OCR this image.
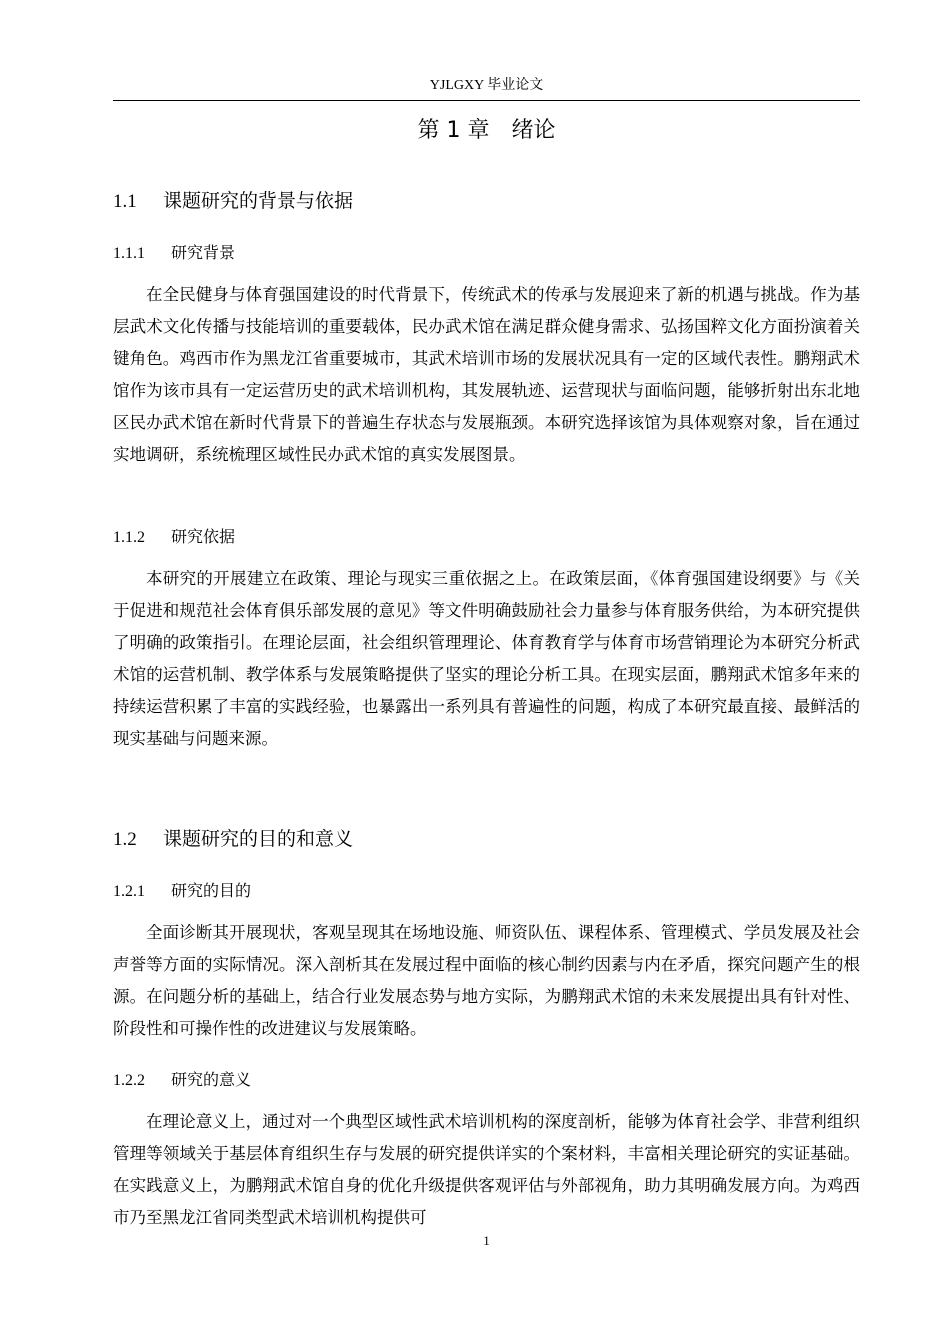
YJLGXY 毕业论文
第 1 章 绪论
1.1 课题研究的背景与依据
1.1.1 研究背景

在全民健身与体育强国建设的时代背景下，传统武术的传承与发展迎来了新的机遇与挑战。作为基层武术文化传播与技能培训的重要载体，民办武术馆在满足群众健身需求、弘扬国粹文化方面扮演着关键角色。鸡西市作为黑龙江省重要城市，其武术培训市场的发展状况具有一定的区域代表性。鹏翔武术馆作为该市具有一定运营历史的武术培训机构，其发展轨迹、运营现状与面临问题，能够折射出东北地区民办武术馆在新时代背景下的普遍生存状态与发展瓶颈。本研究选择该馆为具体观察对象，旨在通过实地调研，系统梳理区域性民办武术馆的真实发展图景。

1.1.2 研究依据

本研究的开展建立在政策、理论与现实三重依据之上。在政策层面，《体育强国建设纲要》与《关于促进和规范社会体育俱乐部发展的意见》等文件明确鼓励社会力量参与体育服务供给，为本研究提供了明确的政策指引。在理论层面，社会组织管理理论、体育教育学与体育市场营销理论为本研究分析武术馆的运营机制、教学体系与发展策略提供了坚实的理论分析工具。在现实层面，鹏翔武术馆多年来的持续运营积累了丰富的实践经验，也暴露出一系列具有普遍性的问题，构成了本研究最直接、最鲜活的现实基础与问题来源。

1.2 课题研究的目的和意义
1.2.1 研究的目的

全面诊断其开展现状，客观呈现其在场地设施、师资队伍、课程体系、管理模式、学员发展及社会声誉等方面的实际情况。深入剖析其在发展过程中面临的核心制约因素与内在矛盾，探究问题产生的根源。在问题分析的基础上，结合行业发展态势与地方实际，为鹏翔武术馆的未来发展提出具有针对性、阶段性和可操作性的改进建议与发展策略。

1.2.2 研究的意义

在理论意义上，通过对一个典型区域性武术培训机构的深度剖析，能够为体育社会学、非营利组织管理等领域关于基层体育组织生存与发展的研究提供详实的个案材料，丰富相关理论研究的实证基础。在实践意义上，为鹏翔武术馆自身的优化升级提供客观评估与外部视角，助力其明确发展方向。为鸡西市乃至黑龙江省同类型武术培训机构提供可

1
